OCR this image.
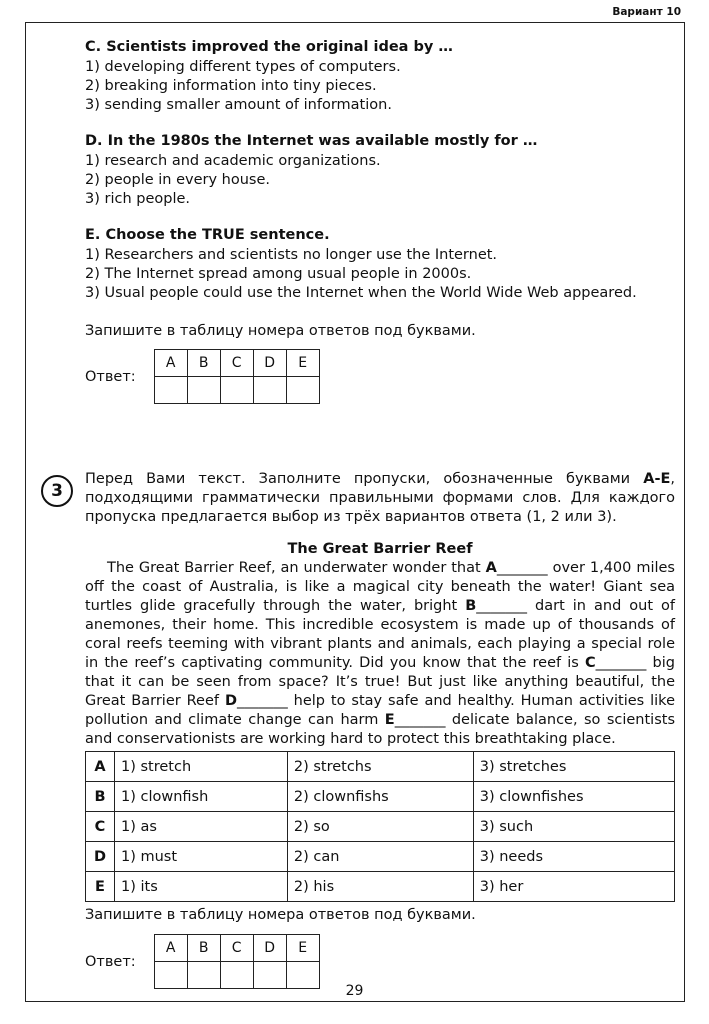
Вариант 10

C. Scientists improved the original idea by …

1) developing different types of computers.

2) breaking information into tiny pieces.

3) sending smaller amount of information.

D. In the 1980s the Internet was available mostly for …

1) research and academic organizations.

2) people in every house.

3) rich people.

E. Choose the TRUE sentence.

1) Researchers and scientists no longer use the Internet.

2) The Internet spread among usual people in 2000s.

3) Usual people could use the Internet when the World Wide Web appeared.

Запишите в таблицу номера ответов под буквами.

Ответ:
A	B	C	D	E

3

Перед Вами текст. Заполните пропуски, обозначенные буквами A-E, подходящими грамматически правильными формами слов. Для каждого пропуска предлагается выбор из трёх вариантов ответа (1, 2 или 3).

The Great Barrier Reef

The Great Barrier Reef, an underwater wonder that A _______	over 1,400 miles off the coast of Australia, is like a magical city beneath the water! Giant sea turtles glide gracefully through the water, bright B _______	dart in and out of anemones, their home. This incredible ecosystem is made up of thousands of coral reefs teeming with vibrant plants and animals, each playing a special role in the reef’s captivating community. Did you know that the reef is C _______	big that it can be seen from space? It’s true! But just like anything beautiful, the Great Barrier Reef D _______	help to stay safe and healthy. Human activities like pollution and climate change can harm E _______	delicate balance, so scientists and conservationists are working hard to protect this breathtaking place.

A	1) stretch	2) stretchs	3) stretches
B	1) clownfish	2) clownfishs	3) clownfishes
C	1) as	2) so	3) such
D	1) must	2) can	3) needs
E	1) its	2) his	3) her

Запишите в таблицу номера ответов под буквами.

Ответ:
A	B	C	D	E

29
